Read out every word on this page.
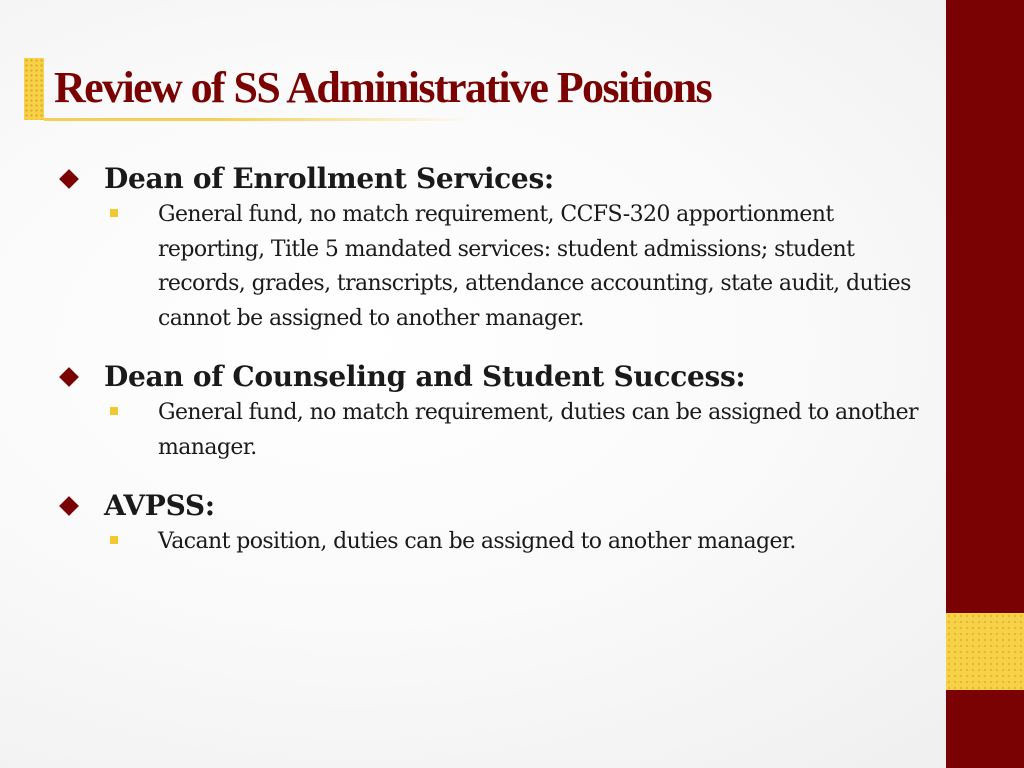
Review of SS Administrative Positions
Dean of Enrollment Services:
General fund, no match requirement, CCFS-320 apportionment reporting, Title 5 mandated services: student admissions; student records, grades, transcripts, attendance accounting, state audit, duties cannot be assigned to another manager.
Dean of Counseling and Student Success:
General fund, no match requirement, duties can be assigned to another manager.
AVPSS:
Vacant position, duties can be assigned to another manager.
